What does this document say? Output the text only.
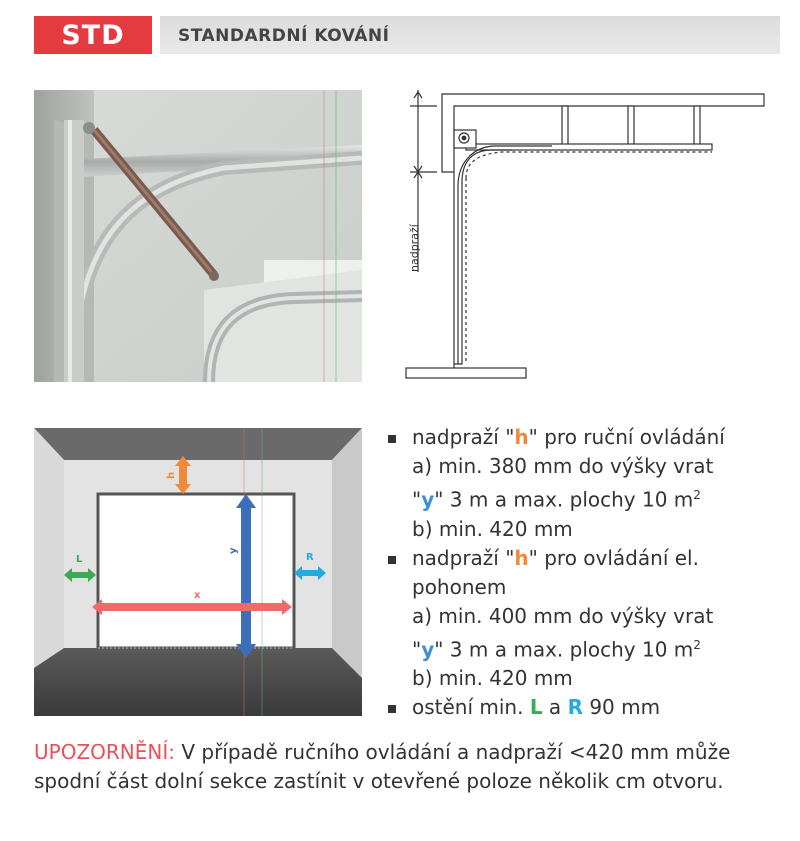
STD	STANDARDNÍ KOVÁNÍ
nadpraží
h
y
x
L	R
nadpraží "h" pro ruční ovládání
a) min. 380 mm do výšky vrat
"y" 3 m a max. plochy 10 $m^2$
b) min. 420 mm
nadpraží "h" pro ovládání el.
pohonem
a) min. 400 mm do výšky vrat
"y" 3 m a max. plochy 10 $m^2$
b) min. 420 mm
ostění min. L a R 90 mm
UPOZORNĚNÍ: V případě ručního ovládání a nadpraží <420 mm může spodní část dolní sekce zastínit v otevřené poloze několik cm otvoru.
